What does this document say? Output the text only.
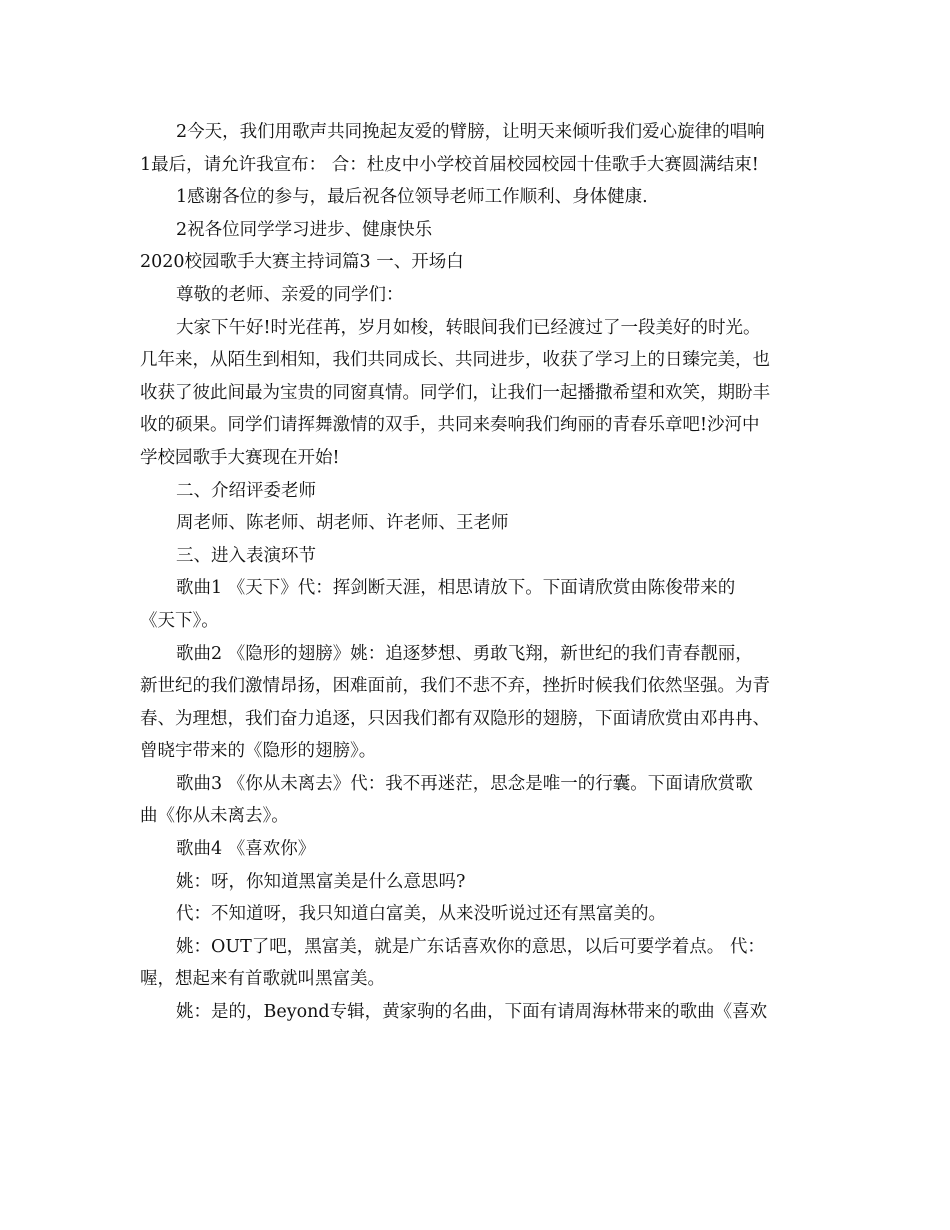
2今天，我们用歌声共同挽起友爱的臂膀，让明天来倾听我们爱心旋律的唱响
1最后，请允许我宣布： 合：杜皮中小学校首届校园校园十佳歌手大赛圆满结束!
1感谢各位的参与，最后祝各位领导老师工作顺利、身体健康.
2祝各位同学学习进步、健康快乐
2020校园歌手大赛主持词篇3 一、开场白
尊敬的老师、亲爱的同学们：
大家下午好!时光荏苒，岁月如梭，转眼间我们已经渡过了一段美好的时光。
几年来，从陌生到相知，我们共同成长、共同进步，收获了学习上的日臻完美，也
收获了彼此间最为宝贵的同窗真情。同学们，让我们一起播撒希望和欢笑，期盼丰
收的硕果。同学们请挥舞激情的双手，共同来奏响我们绚丽的青春乐章吧!沙河中
学校园歌手大赛现在开始!
二、介绍评委老师
周老师、陈老师、胡老师、许老师、王老师
三、进入表演环节
歌曲1 《天下》代：挥剑断天涯，相思请放下。下面请欣赏由陈俊带来的
《天下》。
歌曲2 《隐形的翅膀》姚：追逐梦想、勇敢飞翔，新世纪的我们青春靓丽，
新世纪的我们激情昂扬，困难面前，我们不悲不弃，挫折时候我们依然坚强。为青
春、为理想，我们奋力追逐，只因我们都有双隐形的翅膀，下面请欣赏由邓冉冉、
曾晓宇带来的《隐形的翅膀》。
歌曲3 《你从未离去》代：我不再迷茫，思念是唯一的行囊。下面请欣赏歌
曲《你从未离去》。
歌曲4 《喜欢你》
姚：呀，你知道黑富美是什么意思吗?
代：不知道呀，我只知道白富美，从来没听说过还有黑富美的。
姚：OUT了吧，黑富美，就是广东话喜欢你的意思，以后可要学着点。 代：
喔，想起来有首歌就叫黑富美。
姚：是的，Beyond专辑，黄家驹的名曲，下面有请周海林带来的歌曲《喜欢
